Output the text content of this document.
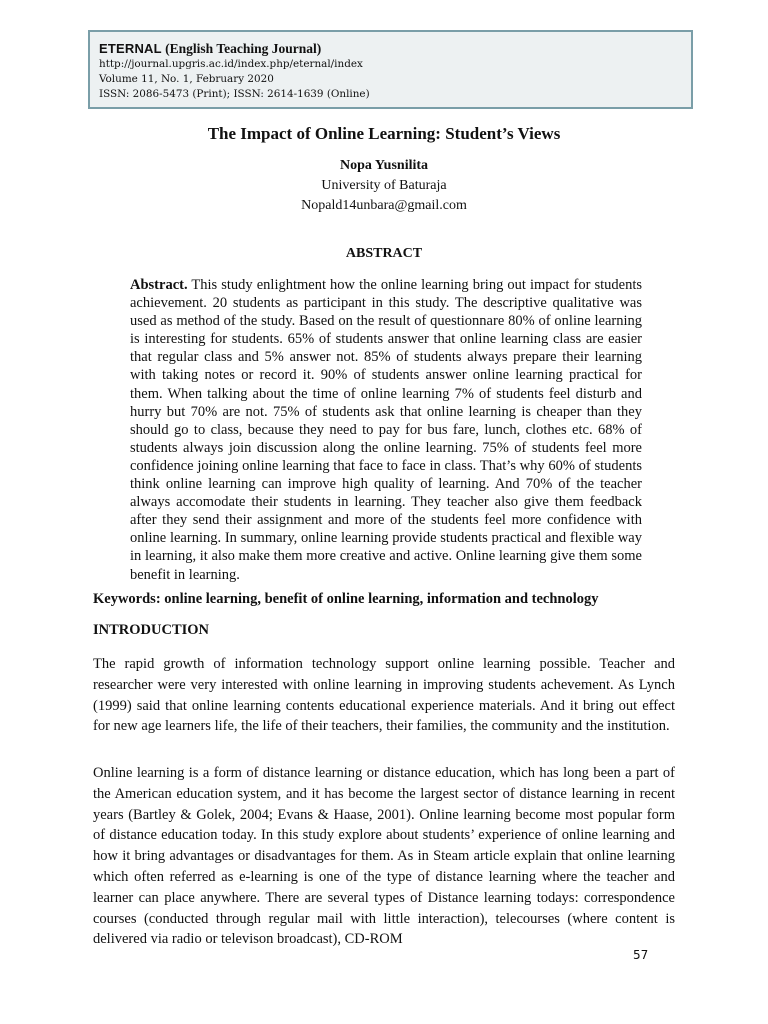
ETERNAL (English Teaching Journal)

http://journal.upgris.ac.id/index.php/eternal/index

Volume 11, No. 1, February 2020

ISSN: 2086-5473 (Print); ISSN: 2614-1639 (Online)

The Impact of Online Learning: Student’s Views

Nopa Yusnilita

University of Baturaja

Nopald14unbara@gmail.com

ABSTRACT

Abstract. This study enlightment how the online learning bring out impact for students achievement. 20 students as participant in this study. The descriptive qualitative was used as method of the study. Based on the result of questionnare 80% of online learning is interesting for students. 65% of students answer that online learning class are easier that regular class and 5% answer not. 85% of students always prepare their learning with taking notes or record it. 90% of students answer online learning practical for them. When talking about the time of online learning 7% of students feel disturb and hurry but 70% are not. 75% of students ask that online learning is cheaper than they should go to class, because they need to pay for bus fare, lunch, clothes etc. 68% of students always join discussion along the online learning. 75% of students feel more confidence joining online learning that face to face in class. That’s why 60% of students think online learning can improve high quality of learning. And 70% of the teacher always accomodate their students in learning. They teacher also give them feedback after they send their assignment and more of the students feel more confidence with online learning. In summary, online learning provide students practical and flexible way in learning, it also make them more creative and active. Online learning give them some benefit in learning.

Keywords: online learning, benefit of online learning, information and technology

INTRODUCTION

The rapid growth of information technology support online learning possible. Teacher and researcher were very interested with online learning in improving students achevement. As Lynch (1999) said that online learning contents educational experience materials. And it bring out effect for new age learners life, the life of their teachers, their families, the community and the institution.

Online learning is a form of distance learning or distance education, which has long been a part of the American education system, and it has become the largest sector of distance learning in recent years (Bartley & Golek, 2004; Evans & Haase, 2001). Online learning become most popular form of distance education today. In this study explore about students’ experience of online learning and how it bring advantages or disadvantages for them. As in Steam article explain that online learning which often referred as e-learning is one of the type of distance learning where the teacher and learner can place anywhere. There are several types of Distance learning todays: correspondence courses (conducted through regular mail with little interaction), telecourses (where content is delivered via radio or televison broadcast), CD-ROM

57
